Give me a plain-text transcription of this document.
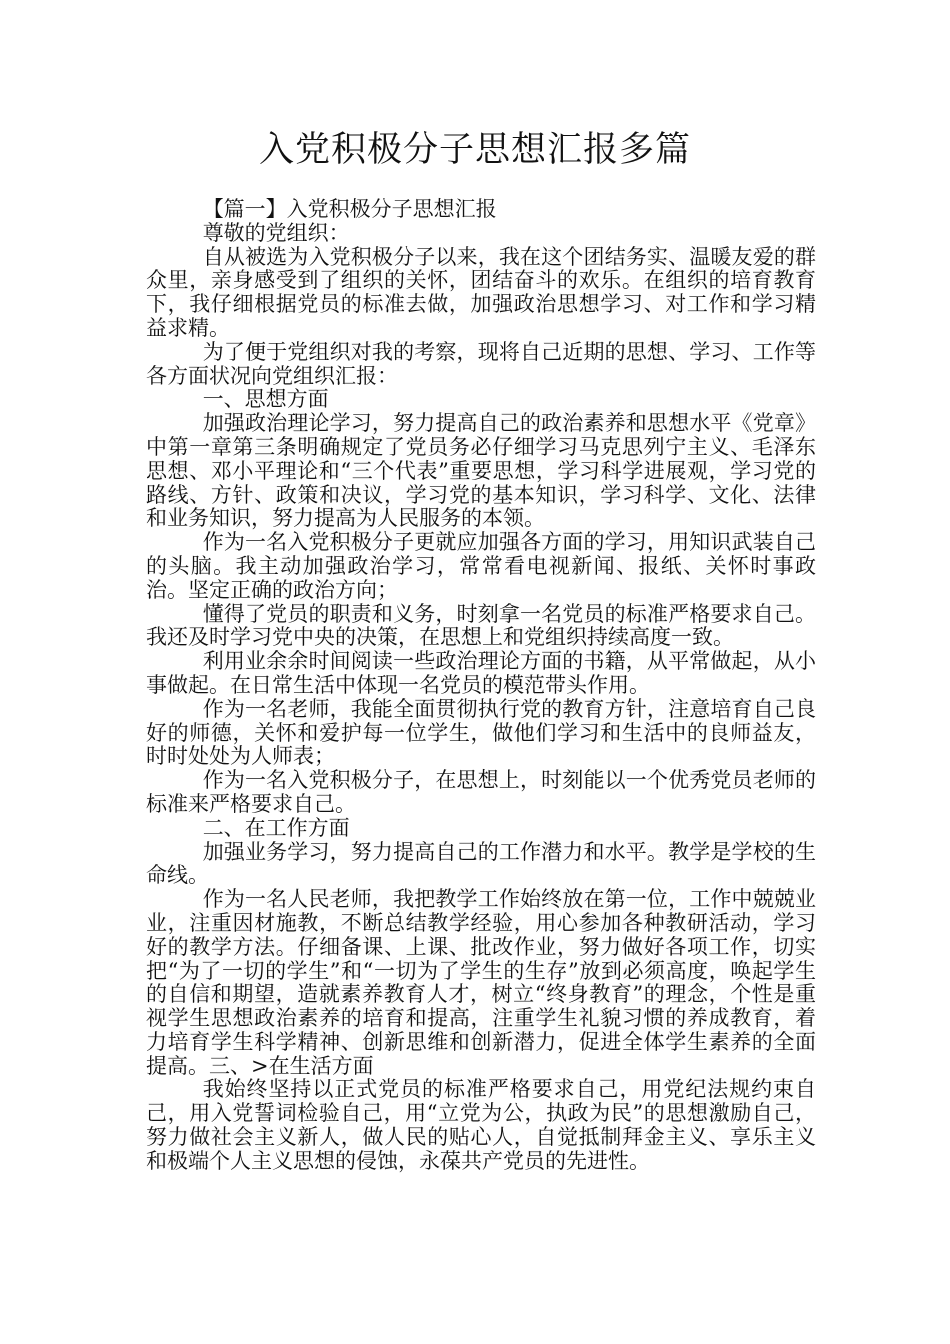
入党积极分子思想汇报多篇

【篇一】入党积极分子思想汇报

尊敬的党组织：

自从被选为入党积极分子以来，我在这个团结务实、温暖友爱的群众里，亲身感受到了组织的关怀，团结奋斗的欢乐。在组织的培育教育下，我仔细根据党员的标准去做，加强政治思想学习、对工作和学习精益求精。

为了便于党组织对我的考察，现将自己近期的思想、学习、工作等各方面状况向党组织汇报：

一、思想方面

加强政治理论学习，努力提高自己的政治素养和思想水平《党章》中第一章第三条明确规定了党员务必仔细学习马克思列宁主义、毛泽东思想、邓小平理论和“三个代表”重要思想，学习科学进展观，学习党的路线、方针、政策和决议，学习党的基本知识，学习科学、文化、法律和业务知识，努力提高为人民服务的本领。

作为一名入党积极分子更就应加强各方面的学习，用知识武装自己的头脑。我主动加强政治学习，常常看电视新闻、报纸、关怀时事政治。坚定正确的政治方向；

懂得了党员的职责和义务，时刻拿一名党员的标准严格要求自己。我还及时学习党中央的决策，在思想上和党组织持续高度一致。

利用业余余时间阅读一些政治理论方面的书籍，从平常做起，从小事做起。在日常生活中体现一名党员的模范带头作用。

作为一名老师，我能全面贯彻执行党的教育方针，注意培育自己良好的师德，关怀和爱护每一位学生，做他们学习和生活中的良师益友，时时处处为人师表；

作为一名入党积极分子，在思想上，时刻能以一个优秀党员老师的标准来严格要求自己。

二、在工作方面

加强业务学习，努力提高自己的工作潜力和水平。教学是学校的生命线。

作为一名人民老师，我把教学工作始终放在第一位，工作中兢兢业业，注重因材施教，不断总结教学经验，用心参加各种教研活动，学习好的教学方法。仔细备课、上课、批改作业，努力做好各项工作，切实把“为了一切的学生”和“一切为了学生的生存”放到必须高度，唤起学生的自信和期望，造就素养教育人才，树立“终身教育”的理念，个性是重视学生思想政治素养的培育和提高，注重学生礼貌习惯的养成教育，着力培育学生科学精神、创新思维和创新潜力，促进全体学生素养的全面提高。三、>在生活方面

我始终坚持以正式党员的标准严格要求自己，用党纪法规约束自己，用入党誓词检验自己，用“立党为公，执政为民”的思想激励自己，努力做社会主义新人，做人民的贴心人，自觉抵制拜金主义、享乐主义和极端个人主义思想的侵蚀，永葆共产党员的先进性。
